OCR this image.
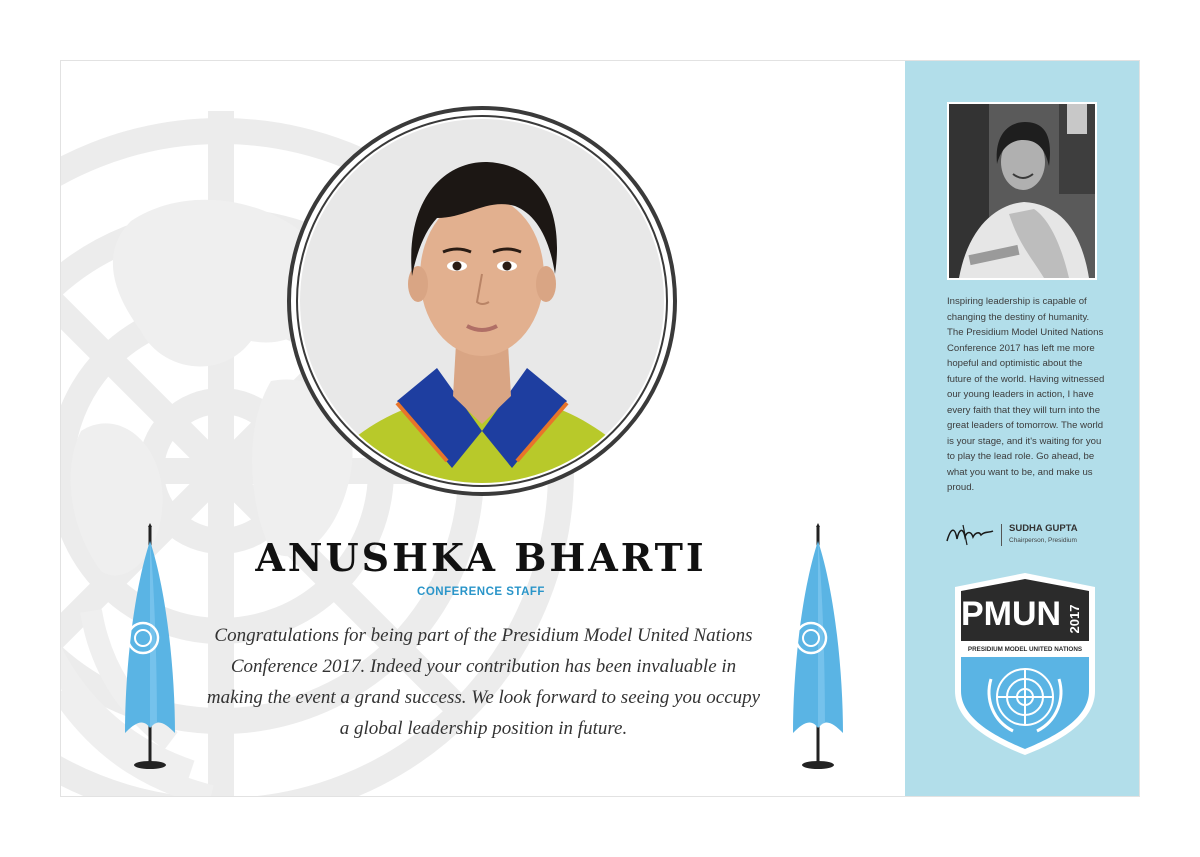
ANUSHKA BHARTI
CONFERENCE STAFF

Congratulations for being part of the Presidium Model United Nations Conference 2017. Indeed your contribution has been invaluable in making the event a grand success. We look forward to seeing you occupy a global leadership position in future.

Inspiring leadership is capable of changing the destiny of humanity. The Presidium Model United Nations Conference 2017 has left me more hopeful and optimistic about the future of the world. Having witnessed our young leaders in action, I have every faith that they will turn into the great leaders of tomorrow. The world is your stage, and it's waiting for you to play the lead role. Go ahead, be what you want to be, and make us proud.

SUDHA GUPTA
Chairperson, Presidium
PMUN 2017
PRESIDIUM MODEL UNITED NATIONS
